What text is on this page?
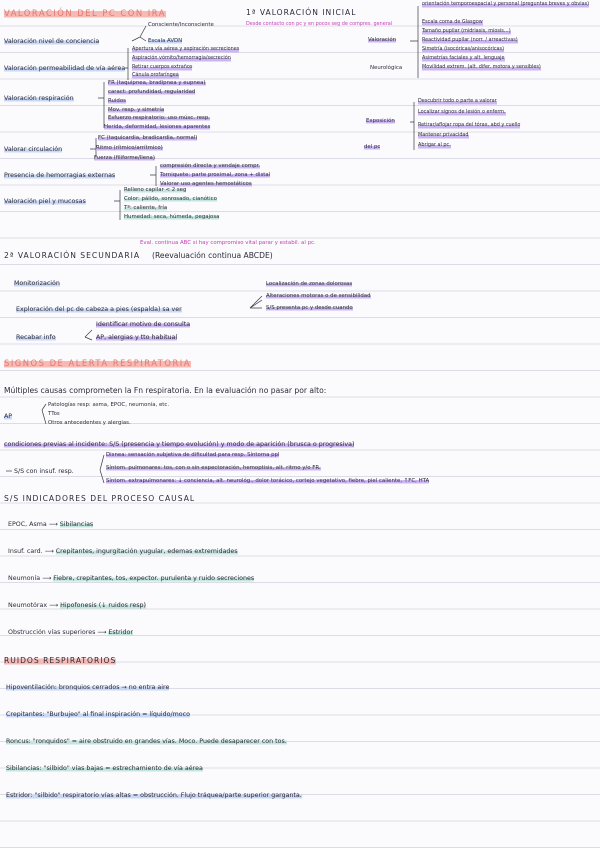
VALORACIÓN DEL PC CON IRA
Valoración nivel de conciencia
Consciente/Inconsciente
Escala AVDN
Valoración permeabilidad de vía aérea
Apertura vía aérea y aspiración secreciones
Aspiración vómito/hemorragia/secreción
Retirar cuerpos extraños
Cánula orofaríngea
Valoración respiración
FR (taquipnea, bradipnea y eupnea)
caract: profundidad, regularidad
Ruidos
Mov. resp. y simetría
Esfuerzo respiratorio: uso músc. resp.
Herida, deformidad, lesiones aparentes
Valorar circulación
FC (taquicardia, bradicardia, normal)
Ritmo (rítmico/arrítmico)
Fuerza (filiforme/llena)
Presencia de hemorragias externas
compresión directa y vendaje compr.
Torniquete: parte proximal, zona + distal
Valorar uso agentes hemostáticos
Valoración piel y mucosas
Relleno capilar < 2 seg
Color: pálido, sonrosado, cianótico
Tª: caliente, fría
Humedad: seca, húmeda, pegajosa
1ª VALORACIÓN INICIAL
Desde contacto con pc y en pocos seg de compres. general
Valoración
Neurológica
orientación temporoespacial y personal (preguntas breves y obvias)
Escala coma de Glasgow
Tamaño pupilar (midriasis, miosis…)
Reactividad pupilar (norr. / arreactivas)
Simetría (isocóricas/anisocóricas)
Asimetrías faciales y alt. lenguaje
Movilidad extrem. (alt. difer. motora y sensibles)
Exposición
del pc
Descubrir todo o parte a valorar
Localizar signos de lesión o enferm.
Retirar/aflojar ropa del tórax, abd y cuello
Mantener privacidad
Abrigar al pc.
Eval. continua ABC si hay compromiso vital parar y estabil. al pc.
2ª VALORACIÓN SECUNDARIA (Reevaluación continua ABCDE)
Monitorización
Exploración del pc de cabeza a pies (espalda) sa ver
Localización de zonas dolorosas
Alteraciones motoras o de sensibilidad
S/S presenta pc y desde cuando
Recabar info
Identificar motivo de consulta
AP, alergias y tto habitual
SIGNOS DE ALERTA RESPIRATORIA
Múltiples causas comprometen la Fn respiratoria. En la evaluación no pasar por alto:
AP
Patologías resp: asma, EPOC, neumonía, etc.
TTos
Otros antecedentes y alergias.
condiciones previas al incidente: S/S (presencia y tiempo evolución) y modo de aparición (brusca o progresiva)
S/S con insuf. resp.
Disnea: sensación subjetiva de dificultad para resp. Síntoma ppl
Síntom. pulmonares: tos, con o sin expectoración, hemoptisis, alt. ritmo y/o FR.
Síntom. extrapulmonares: ↓ conciencia, alt. neurológ., dolor torácico, cortejo vegetativo, fiebre, piel caliente, ↑FC, HTA
S/S INDICADORES DEL PROCESO CAUSAL
EPOC, Asma ⟶ Sibilancias
Insuf. card. ⟶ Crepitantes, ingurgitación yugular, edemas extremidades
Neumonía ⟶ Fiebre, crepitantes, tos, expector. purulenta y ruido secreciones
Neumotórax ⟶ Hipofonesis (↓ ruidos resp)
Obstrucción vías superiores ⟶ Estridor
RUIDOS RESPIRATORIOS
Hipoventilación: bronquios cerrados → no entra aire
Crepitantes: "Burbujeo" al final inspiración = líquido/moco
Roncus: "ronquidos" = aire obstruido en grandes vías. Moco. Puede desaparecer con tos.
Sibilancias: "silbido" vías bajas = estrechamiento de vía aérea
Estridor: "silbido" respiratorio vías altas = obstrucción. Flujo tráquea/parte superior garganta.
